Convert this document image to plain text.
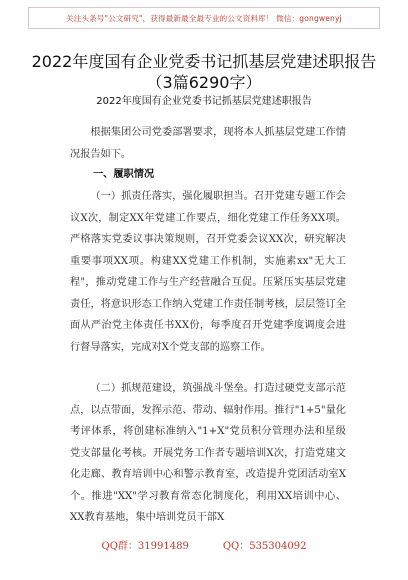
关注头条号"公文研究"，获得最新最全最专业的公文资料库！ 微信：gongwenyj
2022年度国有企业党委书记抓基层党建述职报告（3篇6290字）
2022年度国有企业党委书记抓基层党建述职报告

根据集团公司党委部署要求，现将本人抓基层党建工作情况报告如下。

一、履职情况

（一）抓责任落实，强化履职担当。召开党建专题工作会议X次，制定XX年党建工作要点，细化党建工作任务XX项。严格落实党委议事决策规则，召开党委会议XX次，研究解决重要事项XX项。构建XX党建工作机制，实施素xx"无大工程"，推动党建工作与生产经营融合互促。压紧压实基层党建责任，将意识形态工作纳入党建工作责任制考核，层层签订全面从严治党主体责任书XX份，每季度召开党建季度调度会进行督导落实，完成对X个党支部的巡察工作。

（二）抓规范建设，筑强战斗堡垒。打造过硬党支部示范点，以点带面，发挥示范、带动、辐射作用。推行"1+5"量化考评体系，将创建标准纳入"1+X"党员积分管理办法和星级党支部量化考核。开展党务工作者专题培训X次，打造党建文化走廊、教育培训中心和警示教育室，改造提升党团活动室X个。推进"XX"学习教育常态化制度化，利用XX培训中心、XX教育基地，集中培训党员干部X

QQ群：31991489	QQ：535304092
